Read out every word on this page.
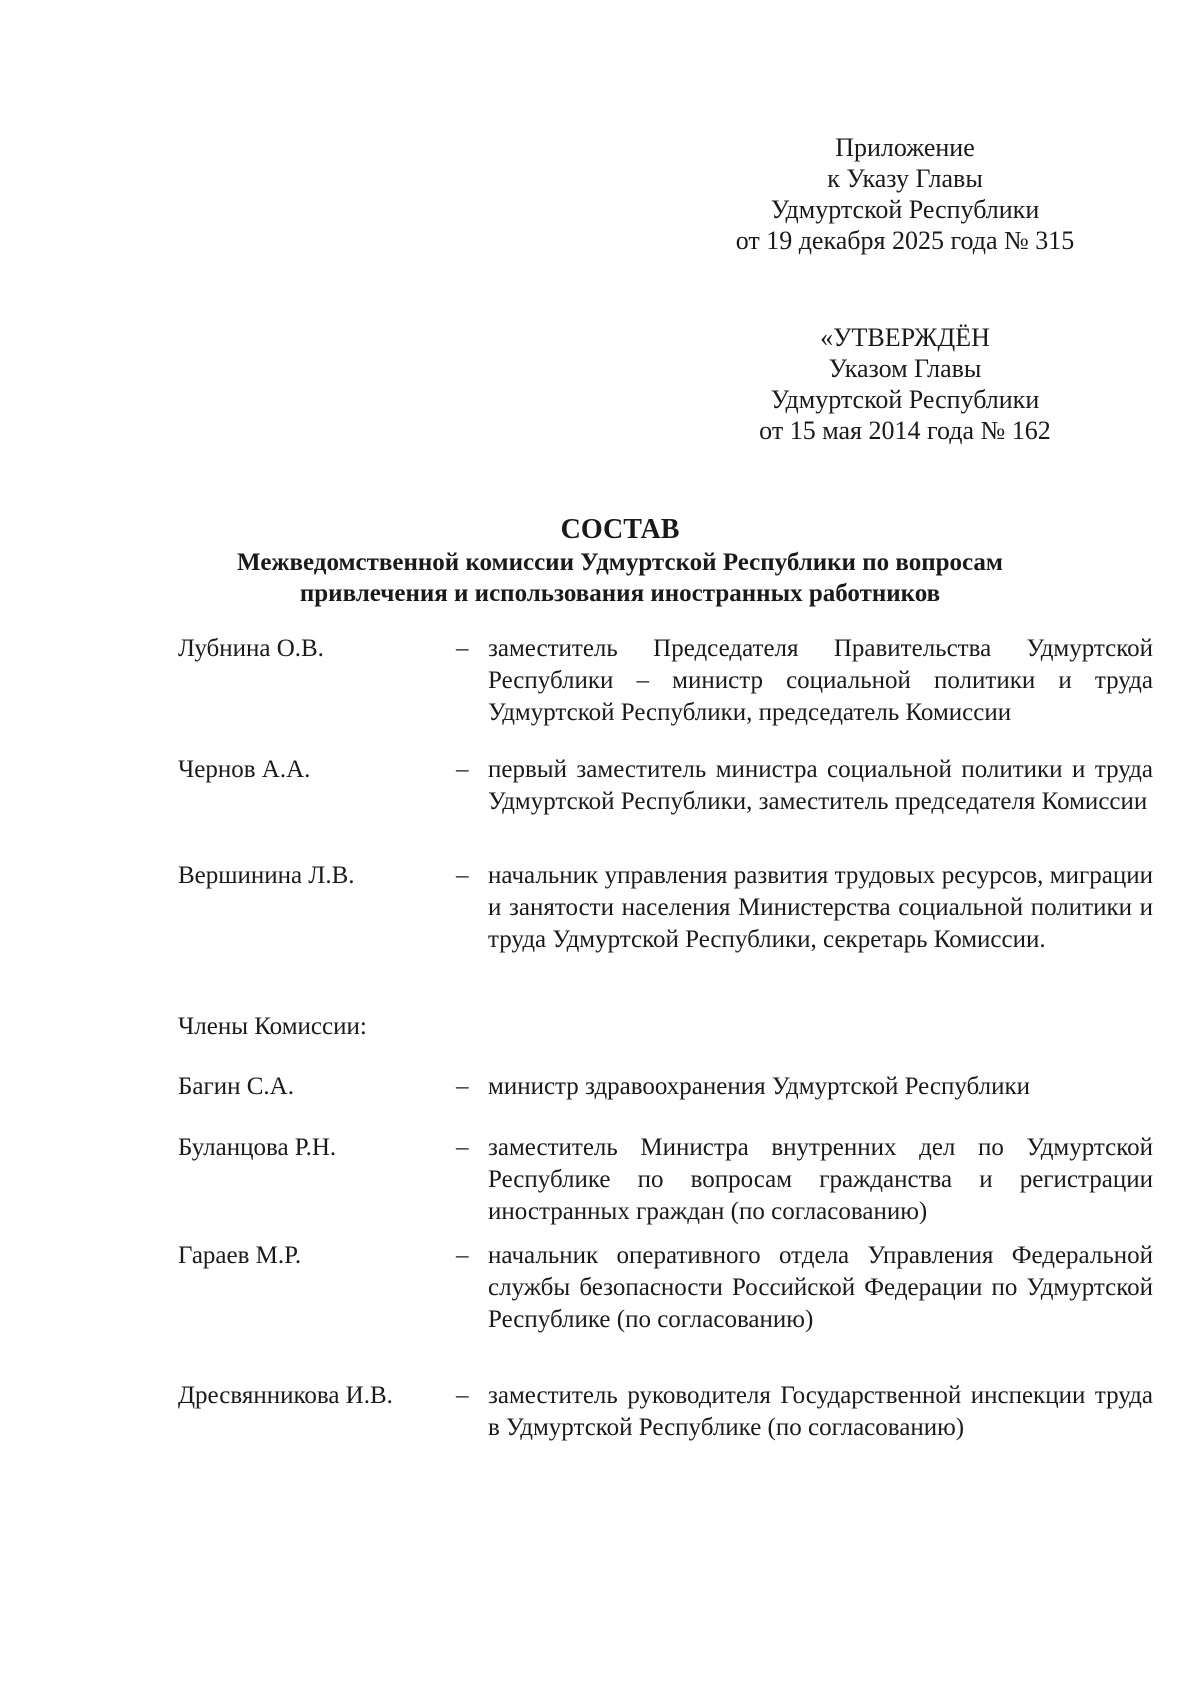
Приложение
к Указу Главы
Удмуртской Республики
от 19 декабря 2025 года № 315
«УТВЕРЖДЁН
Указом Главы
Удмуртской Республики
от 15 мая 2014 года № 162
СОСТАВ
Межведомственной комиссии Удмуртской Республики по вопросам
привлечения и использования иностранных работников
Лубнина О.В.	– заместитель Председателя Правительства Удмуртской Республики – министр социальной политики и труда Удмуртской Республики, председатель Комиссии
Чернов А.А.	– первый заместитель министра социальной политики и труда Удмуртской Республики, заместитель председателя Комиссии
Вершинина Л.В.	– начальник управления развития трудовых ресурсов, миграции и занятости населения Министерства социальной политики и труда Удмуртской Республики, секретарь Комиссии.
Члены Комиссии:
Багин С.А.	– министр здравоохранения Удмуртской Республики
Буланцова Р.Н.	– заместитель Министра внутренних дел по Удмуртской Республике по вопросам гражданства и регистрации иностранных граждан (по согласованию)
Гараев М.Р.	– начальник оперативного отдела Управления Федеральной службы безопасности Российской Федерации по Удмуртской Республике (по согласованию)
Дресвянникова И.В.	– заместитель руководителя Государственной инспекции труда в Удмуртской Республике (по согласованию)
